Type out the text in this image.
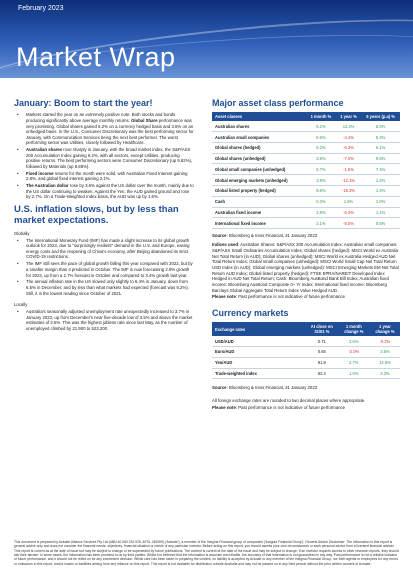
February 2023
Market Wrap
January: Boom to start the year!
• Markets started the year on an extremely positive note. Both stocks and bonds producing significantly above average monthly returns. Global Share performance was very promising. Global shares gained 6.2% on a currency hedged basis and 3.6% on an unhedged basis. In the U.S., Consumer Discretionary was the best performing sector for January, with Communication Services being the next best performer. The worst performing sector was Utilities, closely followed by Healthcare.
• Australian shares rose sharply in January, with the broad market index, the S&P/ASX 200 Accumulation Index gaining 6.2%, with all sectors, except Utilities, producing positive returns. The best performing sectors were Consumer Discretionary (up 9.62%), followed by Materials (up 8.88%).
• Fixed income returns for the month were solid, with Australian Fixed Interest gaining 2.8%, and global fixed interest gaining 2.1%.
• The Australian dollar rose by 3.6% against the US dollar over the month, mainly due to the US dollar continuing to weaken. Against the Yen, the AUD gained ground and rose by 2.7%. On a Trade-Weighted Index basis, the AUD was up by 1.6%.
U.S. inflation slows, but by less than market expectations.
Globally
• The International Monetary Fund (IMF) has made a slight increase to its global growth outlook for 2023, due to "surprisingly resilient" demand in the U.S. and Europe, easing energy costs and the reopening of China's economy, after Beijing abandoned its strict COVID-19 restrictions.
• The IMF still sees the pace of global growth falling this year compared with 2022, but by a smaller margin than it predicted in October. The IMF is now forecasting 2.9% growth for 2023, up from a 2.7% forecast in October and compared to 3.4% growth last year.
• The annual inflation rate in the US slowed only slightly to 6.4% in January, down from 6.5% in December, and by less than what markets had expected (forecast was 6.2%). Still, it is the lowest reading since October of 2021.
Locally
• Australia's seasonally adjusted unemployment rate unexpectedly increased to 3.7% in January 2023, up from December's near five-decade low of 3.5% and above the market estimates of 3.5%. This was the highest jobless rate since last May, as the number of unemployed climbed by 21,900 to 523,200.
Major asset class performance
Asset classes	1 month %	1 year %	5 years (p.a) %
Australian shares	6.2%	12.2%	8.5%
Australian small companies	6.6%	-4.4%	5.4%
Global shares (hedged)	6.2%	-6.3%	6.1%
Global shares (unhedged)	3.6%	-7.0%	9.6%
Global small companies (unhedged)	5.7%	-1.5%	7.4%
Global emerging markets (unhedged)	3.8%	-12.1%	1.2%
Global listed property (hedged)	8.6%	-15.3%	1.4%
Cash	0.3%	1.5%	1.0%
Australian fixed income	2.8%	-6.3%	1.1%
International fixed income	2.1%	-8.0%	0.5%
Source: Bloomberg & Iress Financial, 31 January 2023
Indices used: Australian Shares: S&P/ASX 200 Accumulation Index; Australian small companies: S&P/ASX Small Ordinaries Accumulation Index; Global shares (hedged): MSCI World ex Australia Net Total Return (in AUD); Global shares (unhedged): MSCI World ex Australia Hedged AUD Net Total Return Index; Global small companies (unhedged): MSCI World Small Cap Net Total Return USD Index (in AUD); Global emerging markets (unhedged): MSCI Emerging Markets EM Net Total Return AUD Index; Global listed property (hedged): FTSE EPRA/NAREIT Developed Index Hedged in AUD Net Total Return; Cash: Bloomberg AusBond Bank Bill Index; Australian fixed income: Bloomberg AusBond Composite 0+ Yr Index; International fixed income: Bloomberg Barclays Global Aggregate Total Return Index Value Hedged AUD.
Please note: Past performance is not indicative of future performance
Currency markets
Exchange rates	At close on 31/01 %	1 month change %	1 year change %
USD/AUD	0.71	3.6%	-0.2%
Euro/AUD	0.65	-2.0%	3.5%
Yen/AUD	91.8	2.7%	12.8%
Trade-weighted index	62.4	1.6%	3.3%
Source: Bloomberg & Iress Financial, 31 January 2023
All foreign exchange rates are rounded to two decimal places where appropriate.
Please note: Past performance is not indicative of future performance
This document is prepared by Actuate Alliance Services Pty Ltd (ABN 40 083 233 925, AFSL 240959) ('Actuate'), a member of the Insignia Financial group of companies ('Insignia Financial Group'). General Advice Disclaimer: The information in this report is general advice only and does not consider the financial needs, objectives, financial situation or needs of any particular investor. Before acting on this report, you should assess your own circumstances or seek personal advice from a licensed financial adviser. This report is current as at the date of issue but may be subject to change or be superseded by future publications. The content is current at the date of the issue and may be subject to change. If an investor requires access to other research reports, they should ask their adviser. In some cases, the information has been provided to us by third parties. Whilst it is believed that the information is accurate and reliable, the accuracy of that information is not guaranteed in any way. Past performance is not a reliable indicator of future performance, and it should not be relied on for any investment decision. Whilst care has been taken in preparing the content, no liability is accepted by Actuate or any member of the Insignia Financial Group, nor their agents or employees for any errors or omissions in this report, and/or losses or liabilities arising from any reliance on this report. This report is not available for distribution outside Australia and may not be passed on to any third person without the prior written consent of Actuate.
